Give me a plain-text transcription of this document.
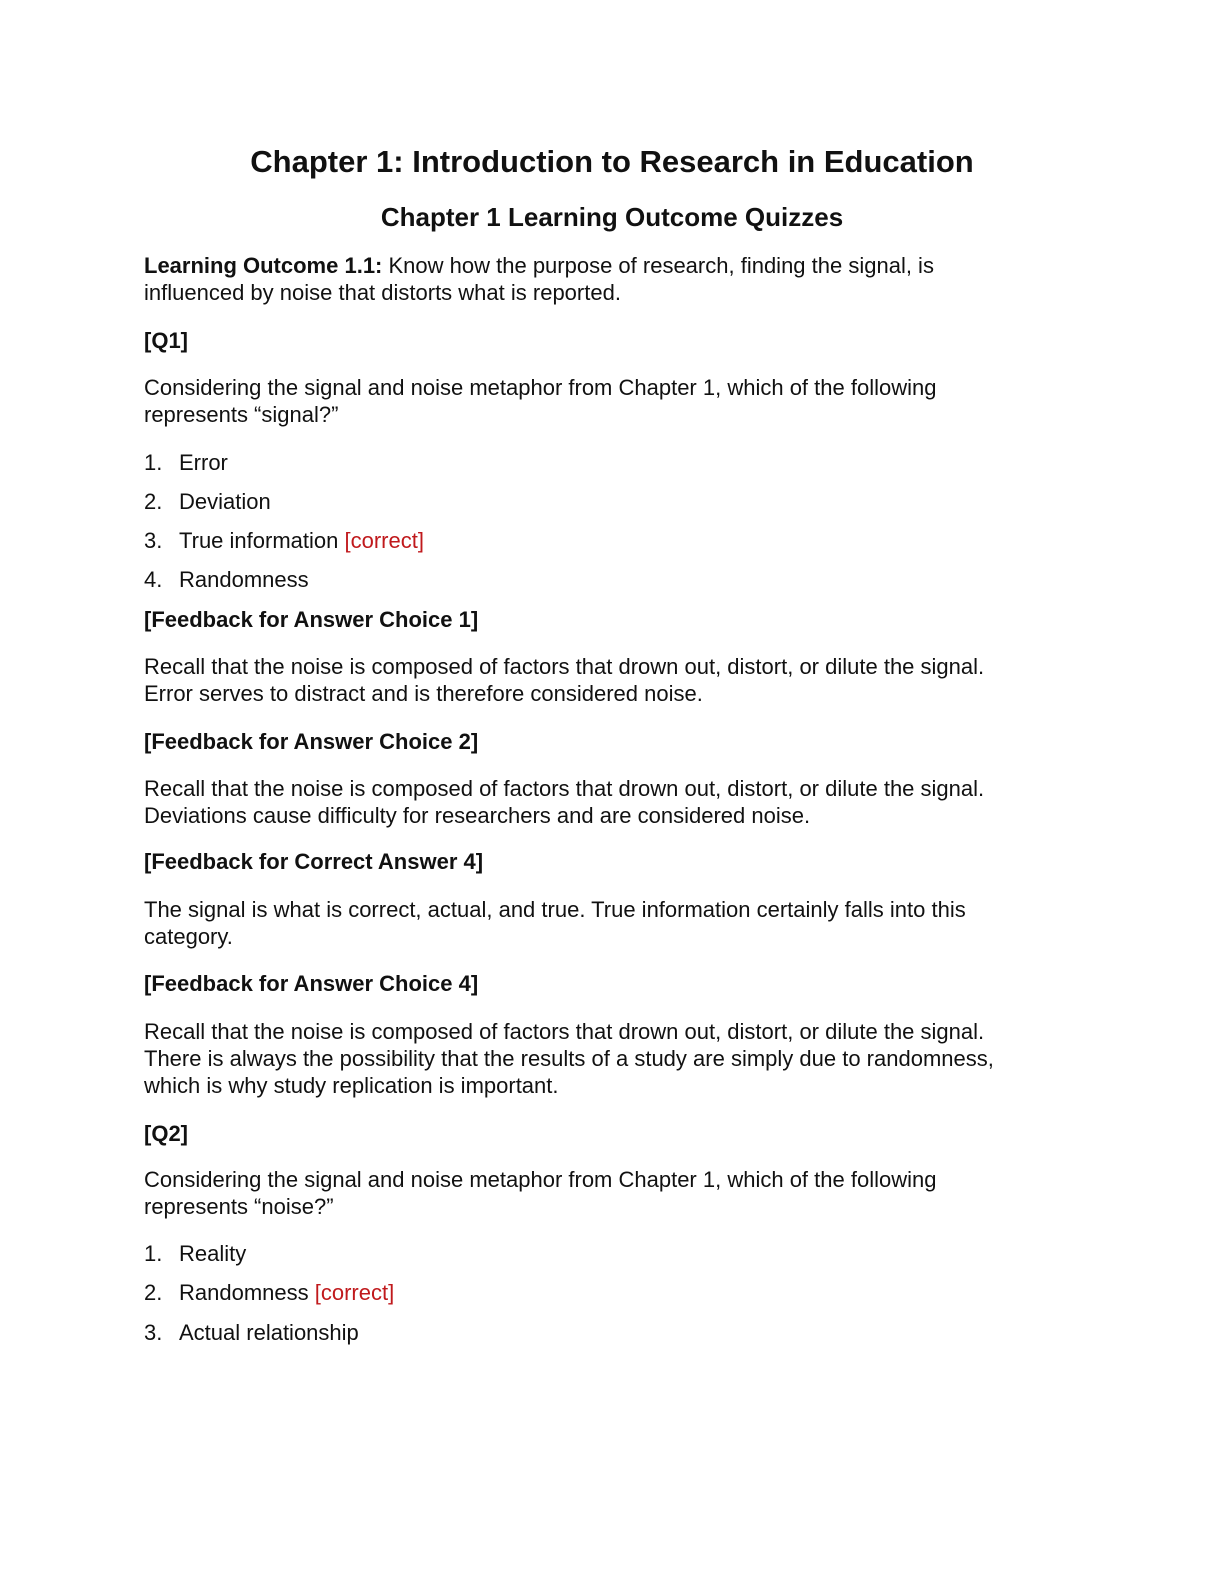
Chapter 1: Introduction to Research in Education
Chapter 1 Learning Outcome Quizzes

Learning Outcome 1.1: Know how the purpose of research, finding the signal, is
influenced by noise that distorts what is reported.

[Q1]

Considering the signal and noise metaphor from Chapter 1, which of the following
represents “signal?”

1. Error

2. Deviation

3. True information [correct]

4. Randomness

[Feedback for Answer Choice 1]

Recall that the noise is composed of factors that drown out, distort, or dilute the signal.
Error serves to distract and is therefore considered noise.

[Feedback for Answer Choice 2]

Recall that the noise is composed of factors that drown out, distort, or dilute the signal.
Deviations cause difficulty for researchers and are considered noise.

[Feedback for Correct Answer 4]

The signal is what is correct, actual, and true. True information certainly falls into this
category.

[Feedback for Answer Choice 4]

Recall that the noise is composed of factors that drown out, distort, or dilute the signal.
There is always the possibility that the results of a study are simply due to randomness,
which is why study replication is important.

[Q2]

Considering the signal and noise metaphor from Chapter 1, which of the following
represents “noise?”

1. Reality

2. Randomness [correct]

3. Actual relationship
